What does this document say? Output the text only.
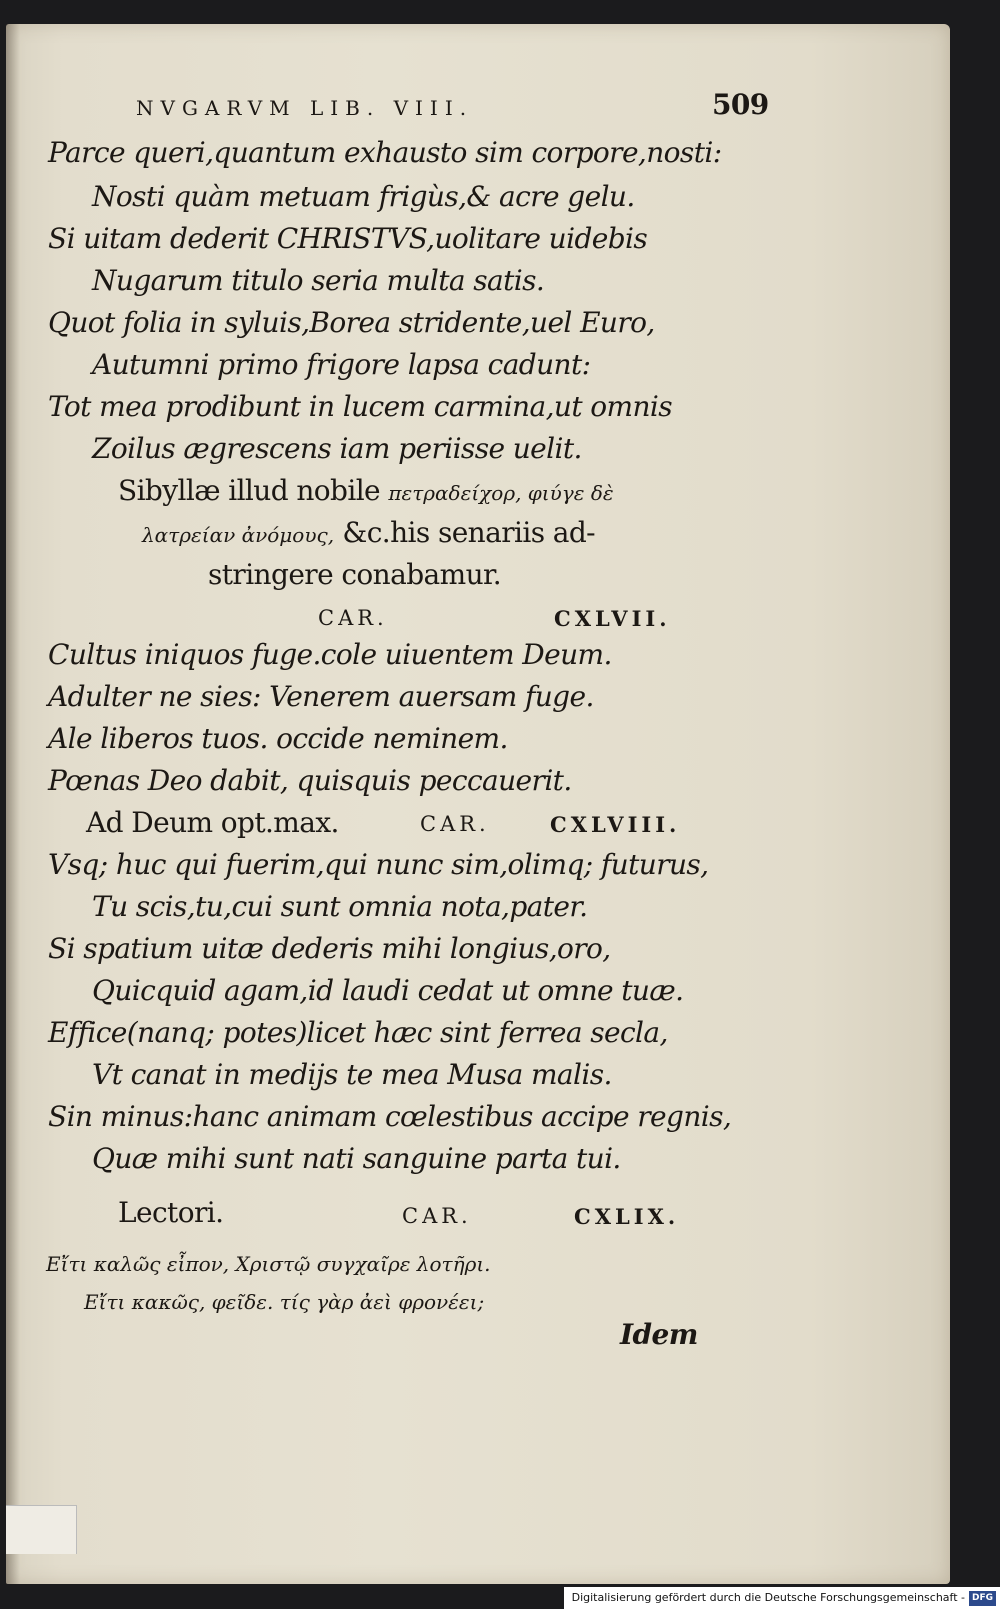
NVGARVM LIB. VIII.	509
Parce queri,quantum exhausto sim corpore,nosti:
Nosti quàm metuam frigùs,& acre gelu.
Si uitam dederit CHRISTVS,uolitare uidebis
Nugarum titulo seria multa satis.
Quot folia in syluis,Borea stridente,uel Euro,
Autumni primo frigore lapsa cadunt:
Tot mea prodibunt in lucem carmina,ut omnis
Zoilus ægrescens iam periisse uelit.
Sibyllæ illud nobile πετραδείχορ, φιύγε δὲ
λατρείαν ἀνόμους, &c.his senariis ad-
stringere conabamur.
CAR.	CXLVII.
Cultus iniquos fuge.cole uiuentem Deum.
Adulter ne sies: Venerem auersam fuge.
Ale liberos tuos. occide neminem.
Pœnas Deo dabit, quisquis peccauerit.
Ad Deum opt.max.	CAR.	CXLVIII.
Vsq; huc qui fuerim,qui nunc sim,olimq; futurus,
Tu scis,tu,cui sunt omnia nota,pater.
Si spatium uitæ dederis mihi longius,oro,
Quicquid agam,id laudi cedat ut omne tuæ.
Effice(nanq; potes)licet hæc sint ferrea secla,
Vt canat in medijs te mea Musa malis.
Sin minus:hanc animam cœlestibus accipe regnis,
Quæ mihi sunt nati sanguine parta tui.
Lectori.	CAR.	CXLIX.
Εἴτι καλῶς εἶπον, Χριστῷ συγχαῖρε λοτῆρι.
Εἴτι κακῶς, φεῖδε. τίς γὰρ ἀεὶ φρονέει;
Idem
Digitalisierung gefördert durch die Deutsche Forschungsgemeinschaft - DFG
